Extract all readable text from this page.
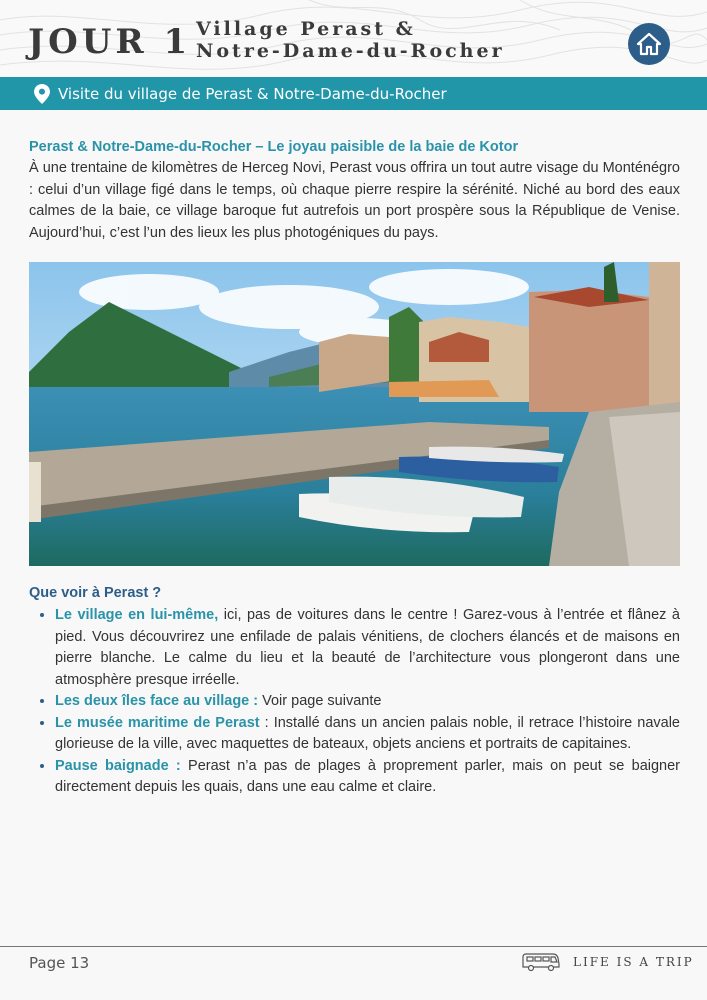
JOUR 1 Village Perast &
Notre-Dame-du-Rocher
Visite du village de Perast & Notre-Dame-du-Rocher
Perast & Notre-Dame-du-Rocher – Le joyau paisible de la baie de Kotor
À une trentaine de kilomètres de Herceg Novi, Perast vous offrira un tout autre visage du Monténégro : celui d’un village figé dans le temps, où chaque pierre respire la sérénité. Niché au bord des eaux calmes de la baie, ce village baroque fut autrefois un port prospère sous la République de Venise. Aujourd’hui, c’est l’un des lieux les plus photogéniques du pays.
Que voir à Perast ?
• Le village en lui-même, ici, pas de voitures dans le centre ! Garez-vous à l’entrée et flânez à pied. Vous découvrirez une enfilade de palais vénitiens, de clochers élancés et de maisons en pierre blanche. Le calme du lieu et la beauté de l’architecture vous plongeront dans une atmosphère presque irréelle.
• Les deux îles face au village : Voir page suivante
• Le musée maritime de Perast : Installé dans un ancien palais noble, il retrace l’histoire navale glorieuse de la ville, avec maquettes de bateaux, objets anciens et portraits de capitaines.
• Pause baignade : Perast n’a pas de plages à proprement parler, mais on peut se baigner directement depuis les quais, dans une eau calme et claire.
Page 13	LIFE IS A TRIP
